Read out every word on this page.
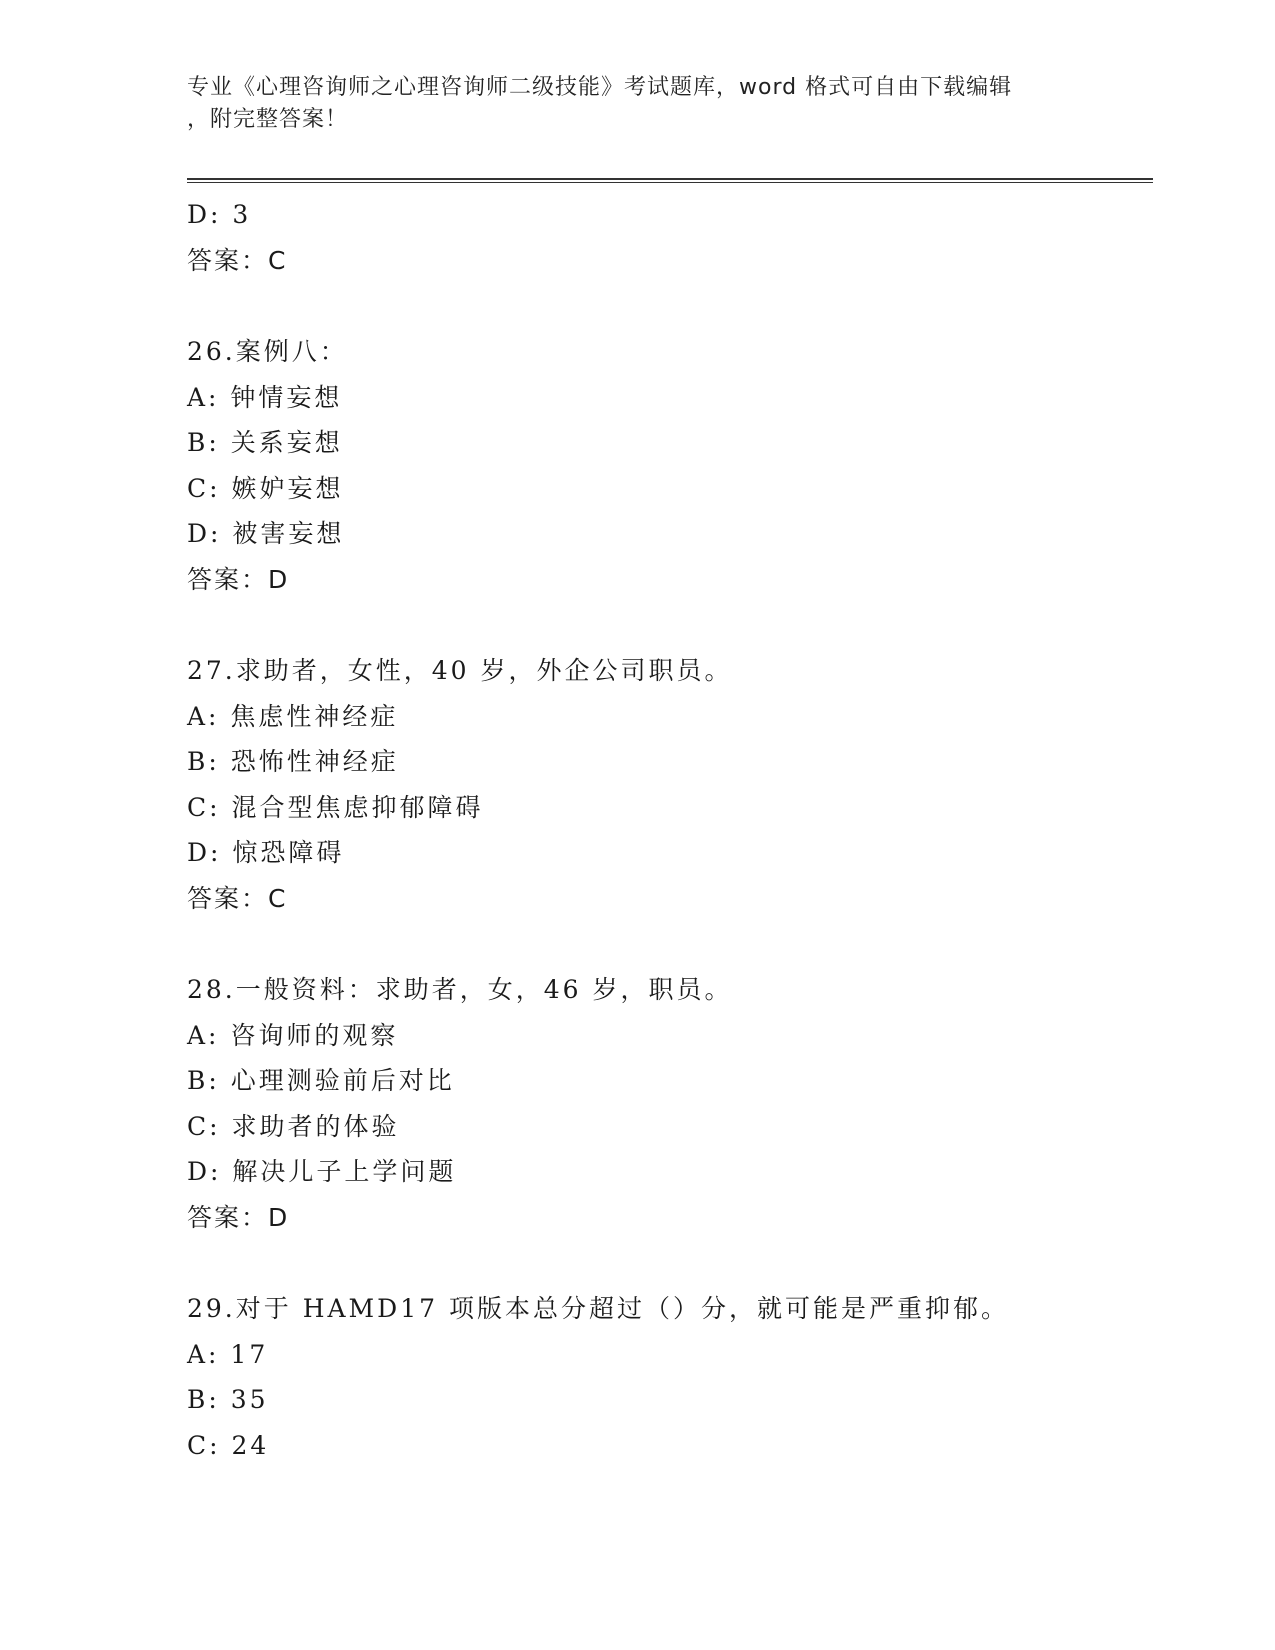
专业《心理咨询师之心理咨询师二级技能》考试题库，word 格式可自由下载编辑
，附完整答案！
D: 3
答案：C
26.案例八：
A: 钟情妄想
B: 关系妄想
C: 嫉妒妄想
D: 被害妄想
答案：D
27.求助者，女性，40 岁，外企公司职员。
A: 焦虑性神经症
B: 恐怖性神经症
C: 混合型焦虑抑郁障碍
D: 惊恐障碍
答案：C
28.一般资料：求助者，女，46 岁，职员。
A: 咨询师的观察
B: 心理测验前后对比
C: 求助者的体验
D: 解决儿子上学问题
答案：D
29.对于 HAMD17 项版本总分超过（）分，就可能是严重抑郁。
A: 17
B: 35
C: 24
